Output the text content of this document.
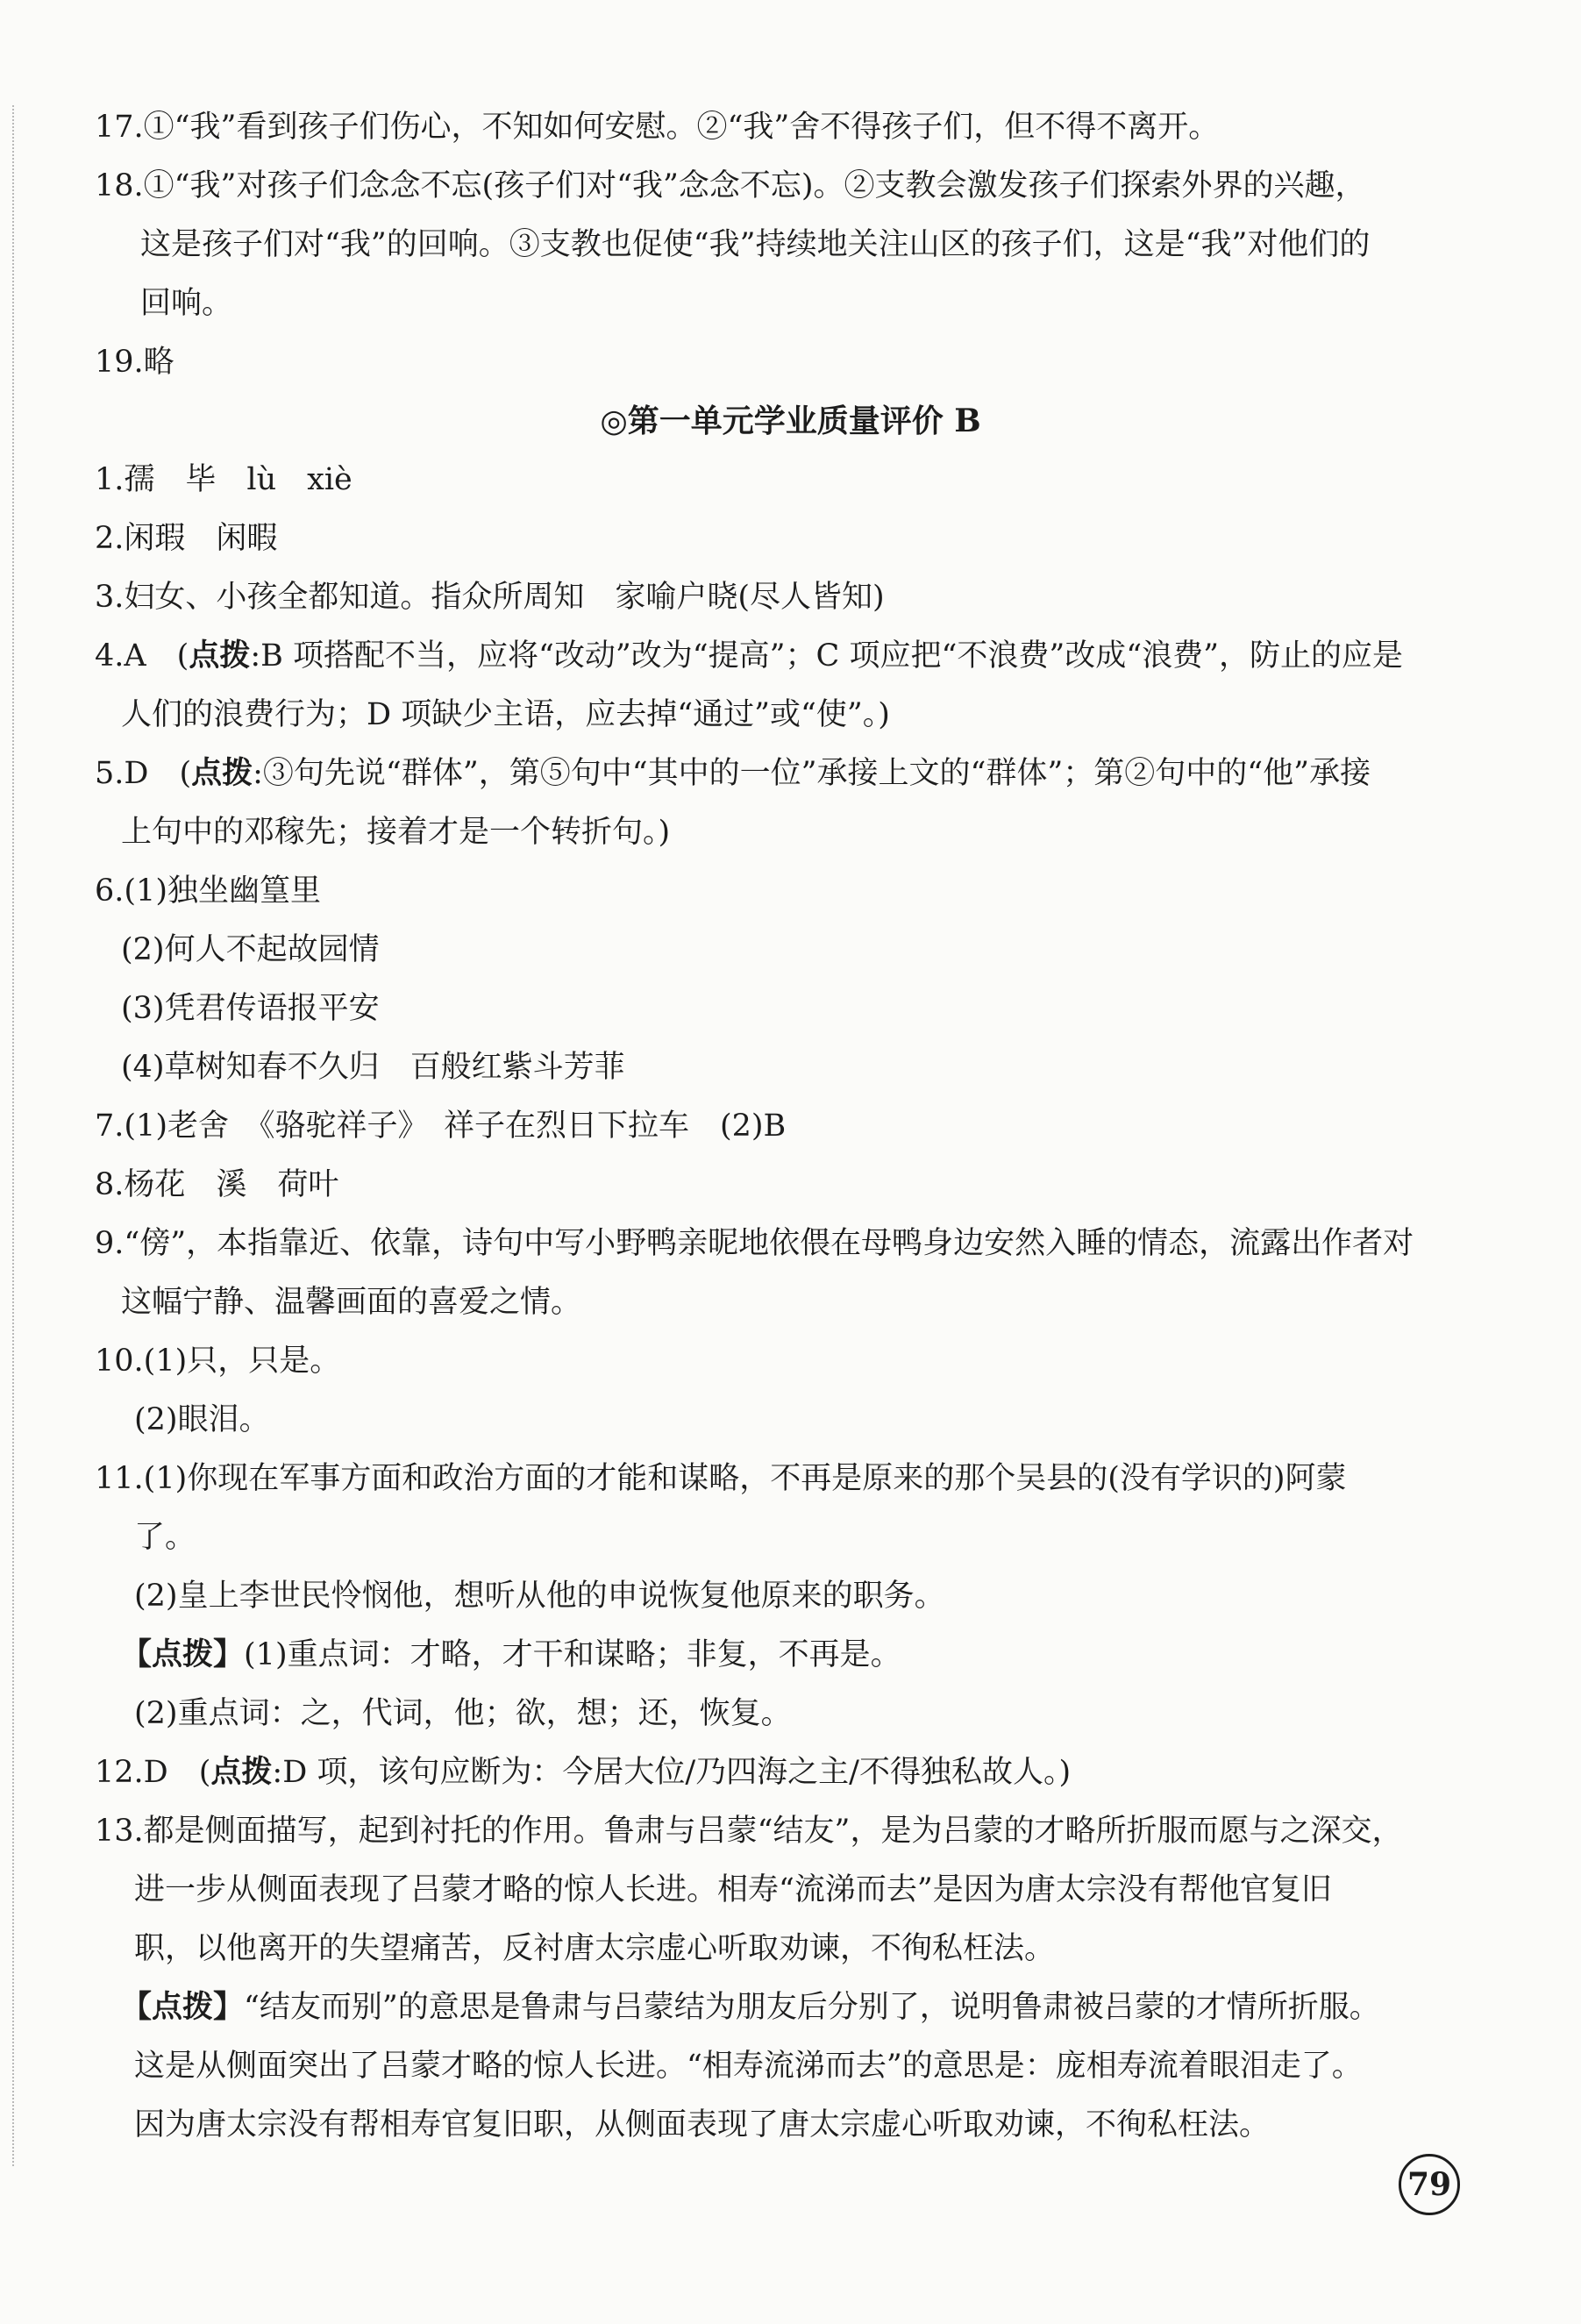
17.①“我”看到孩子们伤心，不知如何安慰。②“我”舍不得孩子们，但不得不离开。
18.①“我”对孩子们念念不忘(孩子们对“我”念念不忘)。②支教会激发孩子们探索外界的兴趣，
这是孩子们对“我”的回响。③支教也促使“我”持续地关注山区的孩子们，这是“我”对他们的
回响。
19.略
◎第一单元学业质量评价 B
1.孺　毕　lù　xiè
2.闲瑕　闲暇
3.妇女、小孩全都知道。指众所周知　家喻户晓(尽人皆知)
4.A　(点拨:B 项搭配不当，应将“改动”改为“提高”；C 项应把“不浪费”改成“浪费”，防止的应是
人们的浪费行为；D 项缺少主语，应去掉“通过”或“使”。)
5.D　(点拨:③句先说“群体”，第⑤句中“其中的一位”承接上文的“群体”；第②句中的“他”承接
上句中的邓稼先；接着才是一个转折句。)
6.(1)独坐幽篁里
(2)何人不起故园情
(3)凭君传语报平安
(4)草树知春不久归　百般红紫斗芳菲
7.(1)老舍　《骆驼祥子》　祥子在烈日下拉车　(2)B
8.杨花　溪　荷叶
9.“傍”，本指靠近、依靠，诗句中写小野鸭亲昵地依偎在母鸭身边安然入睡的情态，流露出作者对
这幅宁静、温馨画面的喜爱之情。
10.(1)只，只是。
(2)眼泪。
11.(1)你现在军事方面和政治方面的才能和谋略，不再是原来的那个吴县的(没有学识的)阿蒙
了。
(2)皇上李世民怜悯他，想听从他的申说恢复他原来的职务。
【点拨】(1)重点词：才略，才干和谋略；非复，不再是。
(2)重点词：之，代词，他；欲，想；还，恢复。
12.D　(点拨:D 项，该句应断为：今居大位/乃四海之主/不得独私故人。)
13.都是侧面描写，起到衬托的作用。鲁肃与吕蒙“结友”，是为吕蒙的才略所折服而愿与之深交，
进一步从侧面表现了吕蒙才略的惊人长进。相寿“流涕而去”是因为唐太宗没有帮他官复旧
职，以他离开的失望痛苦，反衬唐太宗虚心听取劝谏，不徇私枉法。
【点拨】“结友而别”的意思是鲁肃与吕蒙结为朋友后分别了，说明鲁肃被吕蒙的才情所折服。
这是从侧面突出了吕蒙才略的惊人长进。“相寿流涕而去”的意思是：庞相寿流着眼泪走了。
因为唐太宗没有帮相寿官复旧职，从侧面表现了唐太宗虚心听取劝谏，不徇私枉法。
79
